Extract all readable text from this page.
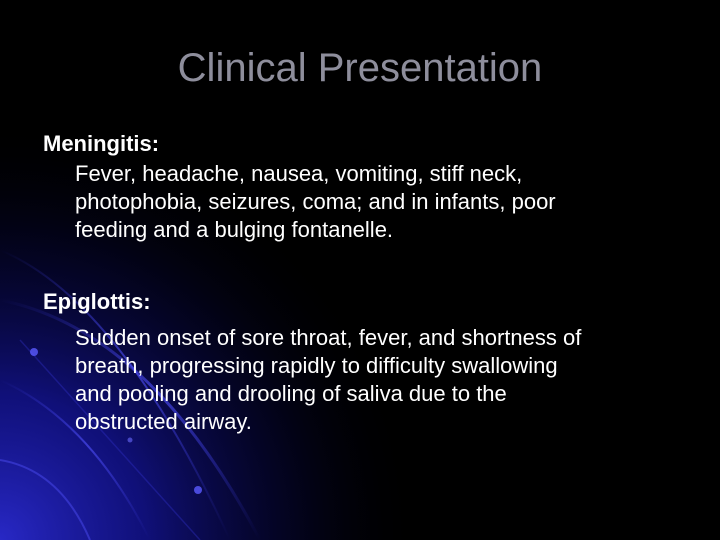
Clinical Presentation
Meningitis:
Fever, headache, nausea, vomiting, stiff neck,
photophobia, seizures, coma; and in infants, poor
feeding and a bulging fontanelle.
Epiglottis:
Sudden onset of sore throat, fever, and shortness of
breath, progressing rapidly to difficulty swallowing
and pooling and drooling of saliva due to the
obstructed airway.
